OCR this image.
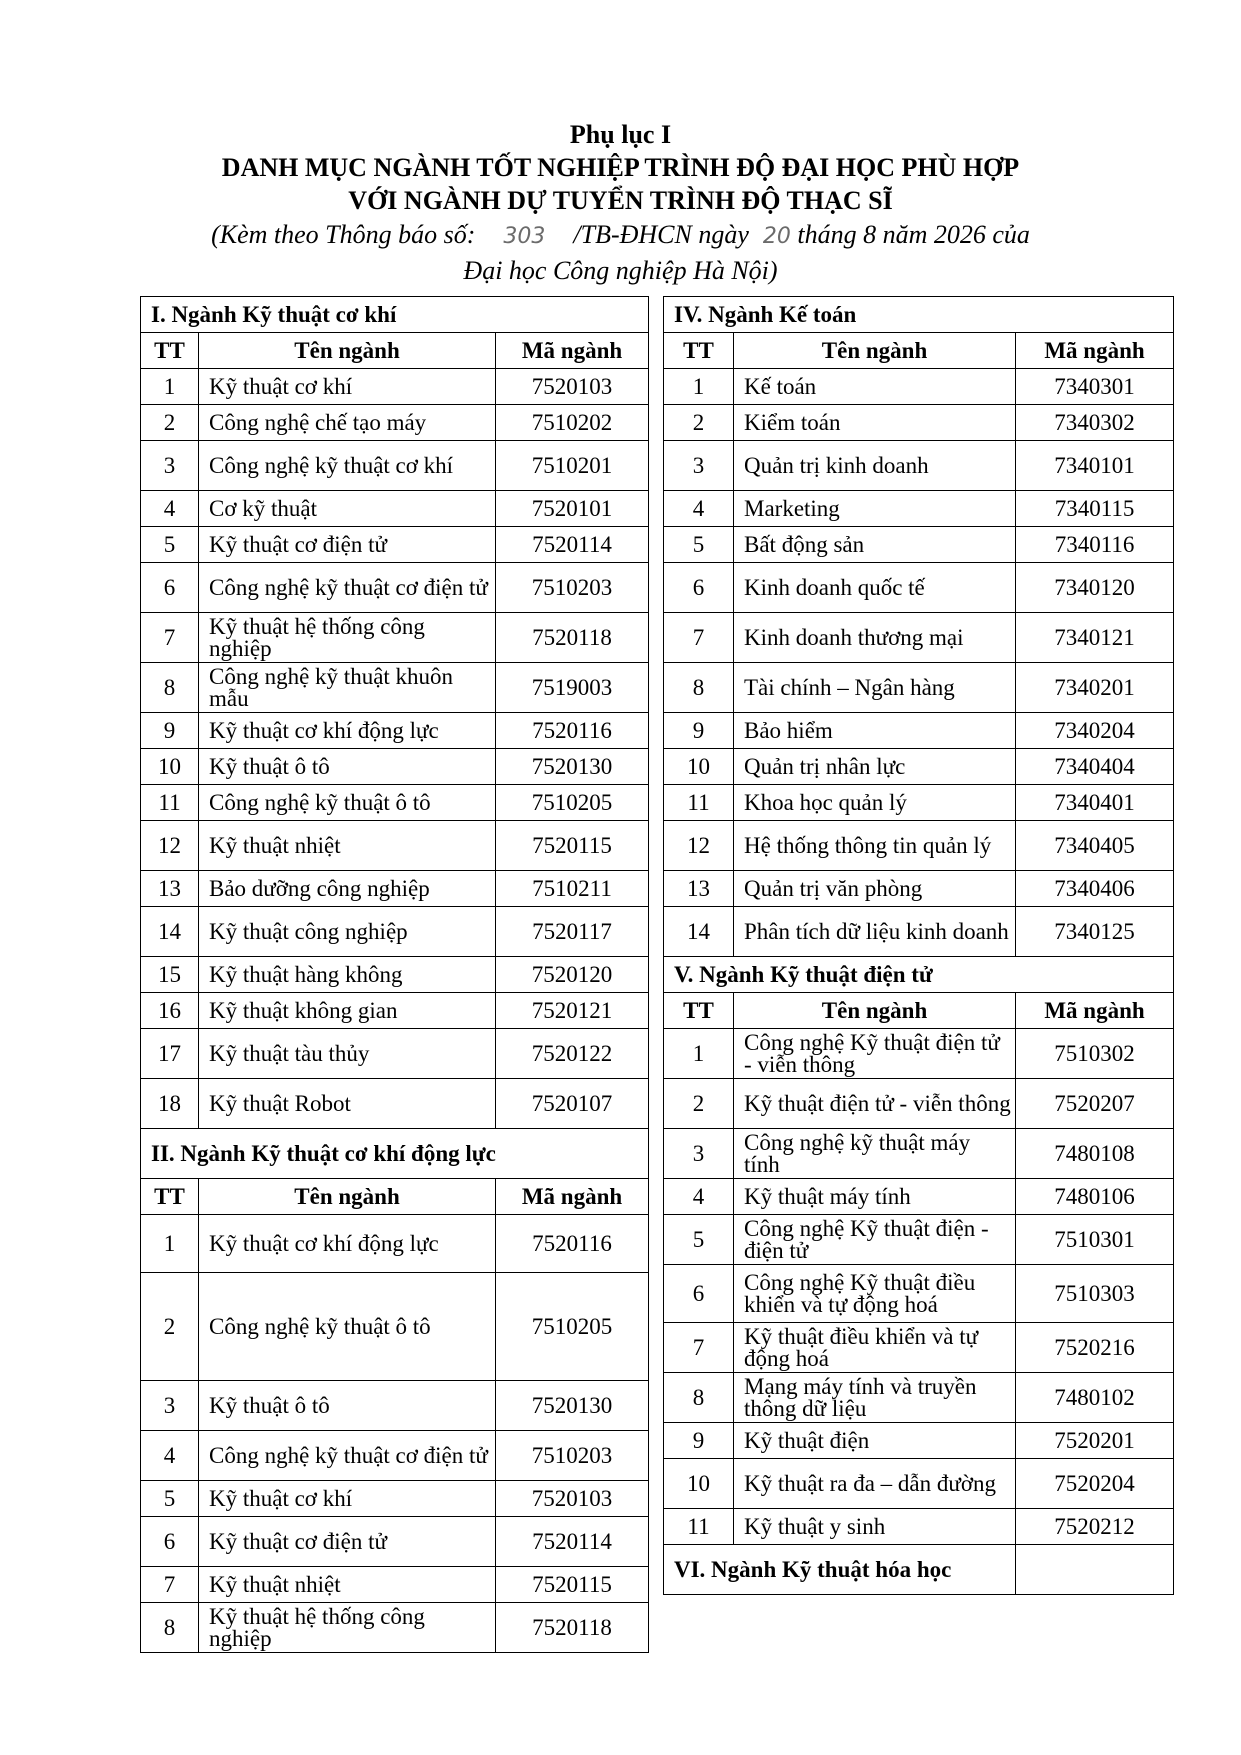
Phụ lục I
DANH MỤC NGÀNH TỐT NGHIỆP TRÌNH ĐỘ ĐẠI HỌC PHÙ HỢP
VỚI NGÀNH DỰ TUYỂN TRÌNH ĐỘ THẠC SĨ
(Kèm theo Thông báo số: 303 /TB-ĐHCN ngày 20 tháng 8 năm 2026 của
Đại học Công nghiệp Hà Nội)
I. Ngành Kỹ thuật cơ khí		
TT	Tên ngành	Mã ngành
1	Kỹ thuật cơ khí	7520103
2	Công nghệ chế tạo máy	7510202
3	Công nghệ kỹ thuật cơ khí	7510201
4	Cơ kỹ thuật	7520101
5	Kỹ thuật cơ điện tử	7520114
6	Công nghệ kỹ thuật cơ điện tử	7510203
7	Kỹ thuật hệ thống công nghiệp	7520118
8	Công nghệ kỹ thuật khuôn mẫu	7519003
9	Kỹ thuật cơ khí động lực	7520116
10	Kỹ thuật ô tô	7520130
11	Công nghệ kỹ thuật ô tô	7510205
12	Kỹ thuật nhiệt	7520115
13	Bảo dưỡng công nghiệp	7510211
14	Kỹ thuật công nghiệp	7520117
15	Kỹ thuật hàng không	7520120
16	Kỹ thuật không gian	7520121
17	Kỹ thuật tàu thủy	7520122
18	Kỹ thuật Robot	7520107
II. Ngành Kỹ thuật cơ khí động lực		
TT	Tên ngành	Mã ngành
1	Kỹ thuật cơ khí động lực	7520116
2	Công nghệ kỹ thuật ô tô	7510205
3	Kỹ thuật ô tô	7520130
4	Công nghệ kỹ thuật cơ điện tử	7510203
5	Kỹ thuật cơ khí	7520103
6	Kỹ thuật cơ điện tử	7520114
7	Kỹ thuật nhiệt	7520115
8	Kỹ thuật hệ thống công nghiệp	7520118
IV. Ngành Kế toán		
TT	Tên ngành	Mã ngành
1	Kế toán	7340301
2	Kiểm toán	7340302
3	Quản trị kinh doanh	7340101
4	Marketing	7340115
5	Bất động sản	7340116
6	Kinh doanh quốc tế	7340120
7	Kinh doanh thương mại	7340121
8	Tài chính – Ngân hàng	7340201
9	Bảo hiểm	7340204
10	Quản trị nhân lực	7340404
11	Khoa học quản lý	7340401
12	Hệ thống thông tin quản lý	7340405
13	Quản trị văn phòng	7340406
14	Phân tích dữ liệu kinh doanh	7340125
V. Ngành Kỹ thuật điện tử		
TT	Tên ngành	Mã ngành
1	Công nghệ Kỹ thuật điện tử - viễn thông	7510302
2	Kỹ thuật điện tử - viễn thông	7520207
3	Công nghệ kỹ thuật máy tính	7480108
4	Kỹ thuật máy tính	7480106
5	Công nghệ Kỹ thuật điện - điện tử	7510301
6	Công nghệ Kỹ thuật điều khiển và tự động hoá	7510303
7	Kỹ thuật điều khiển và tự động hoá	7520216
8	Mạng máy tính và truyền thông dữ liệu	7480102
9	Kỹ thuật điện	7520201
10	Kỹ thuật ra đa – dẫn đường	7520204
11	Kỹ thuật y sinh	7520212
VI. Ngành Kỹ thuật hóa học		
